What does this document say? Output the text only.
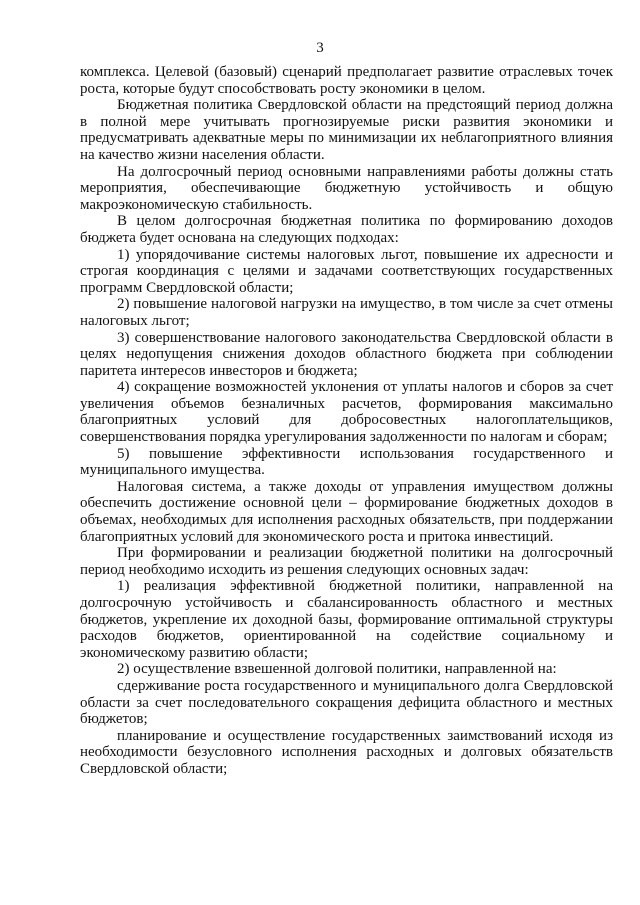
3

комплекса. Целевой (базовый) сценарий предполагает развитие отраслевых точек роста, которые будут способствовать росту экономики в целом.

Бюджетная политика Свердловской области на предстоящий период должна в полной мере учитывать прогнозируемые риски развития экономики и предусматривать адекватные меры по минимизации их неблагоприятного влияния на качество жизни населения области.

На долгосрочный период основными направлениями работы должны стать мероприятия, обеспечивающие бюджетную устойчивость и общую макроэкономическую стабильность.

В целом долгосрочная бюджетная политика по формированию доходов бюджета будет основана на следующих подходах:

1) упорядочивание системы налоговых льгот, повышение их адресности и строгая координация с целями и задачами соответствующих государственных программ Свердловской области;

2) повышение налоговой нагрузки на имущество, в том числе за счет отмены налоговых льгот;

3) совершенствование налогового законодательства Свердловской области в целях недопущения снижения доходов областного бюджета при соблюдении паритета интересов инвесторов и бюджета;

4) сокращение возможностей уклонения от уплаты налогов и сборов за счет увеличения объемов безналичных расчетов, формирования максимально благоприятных условий для добросовестных налогоплательщиков, совершенствования порядка урегулирования задолженности по налогам и сборам;

5) повышение эффективности использования государственного и муниципального имущества.

Налоговая система, а также доходы от управления имуществом должны обеспечить достижение основной цели – формирование бюджетных доходов в объемах, необходимых для исполнения расходных обязательств, при поддержании благоприятных условий для экономического роста и притока инвестиций.

При формировании и реализации бюджетной политики на долгосрочный период необходимо исходить из решения следующих основных задач:

1) реализация эффективной бюджетной политики, направленной на долгосрочную устойчивость и сбалансированность областного и местных бюджетов, укрепление их доходной базы, формирование оптимальной структуры расходов бюджетов, ориентированной на содействие социальному и экономическому развитию области;

2) осуществление взвешенной долговой политики, направленной на:

сдерживание роста государственного и муниципального долга Свердловской области за счет последовательного сокращения дефицита областного и местных бюджетов;

планирование и осуществление государственных заимствований исходя из необходимости безусловного исполнения расходных и долговых обязательств Свердловской области;
